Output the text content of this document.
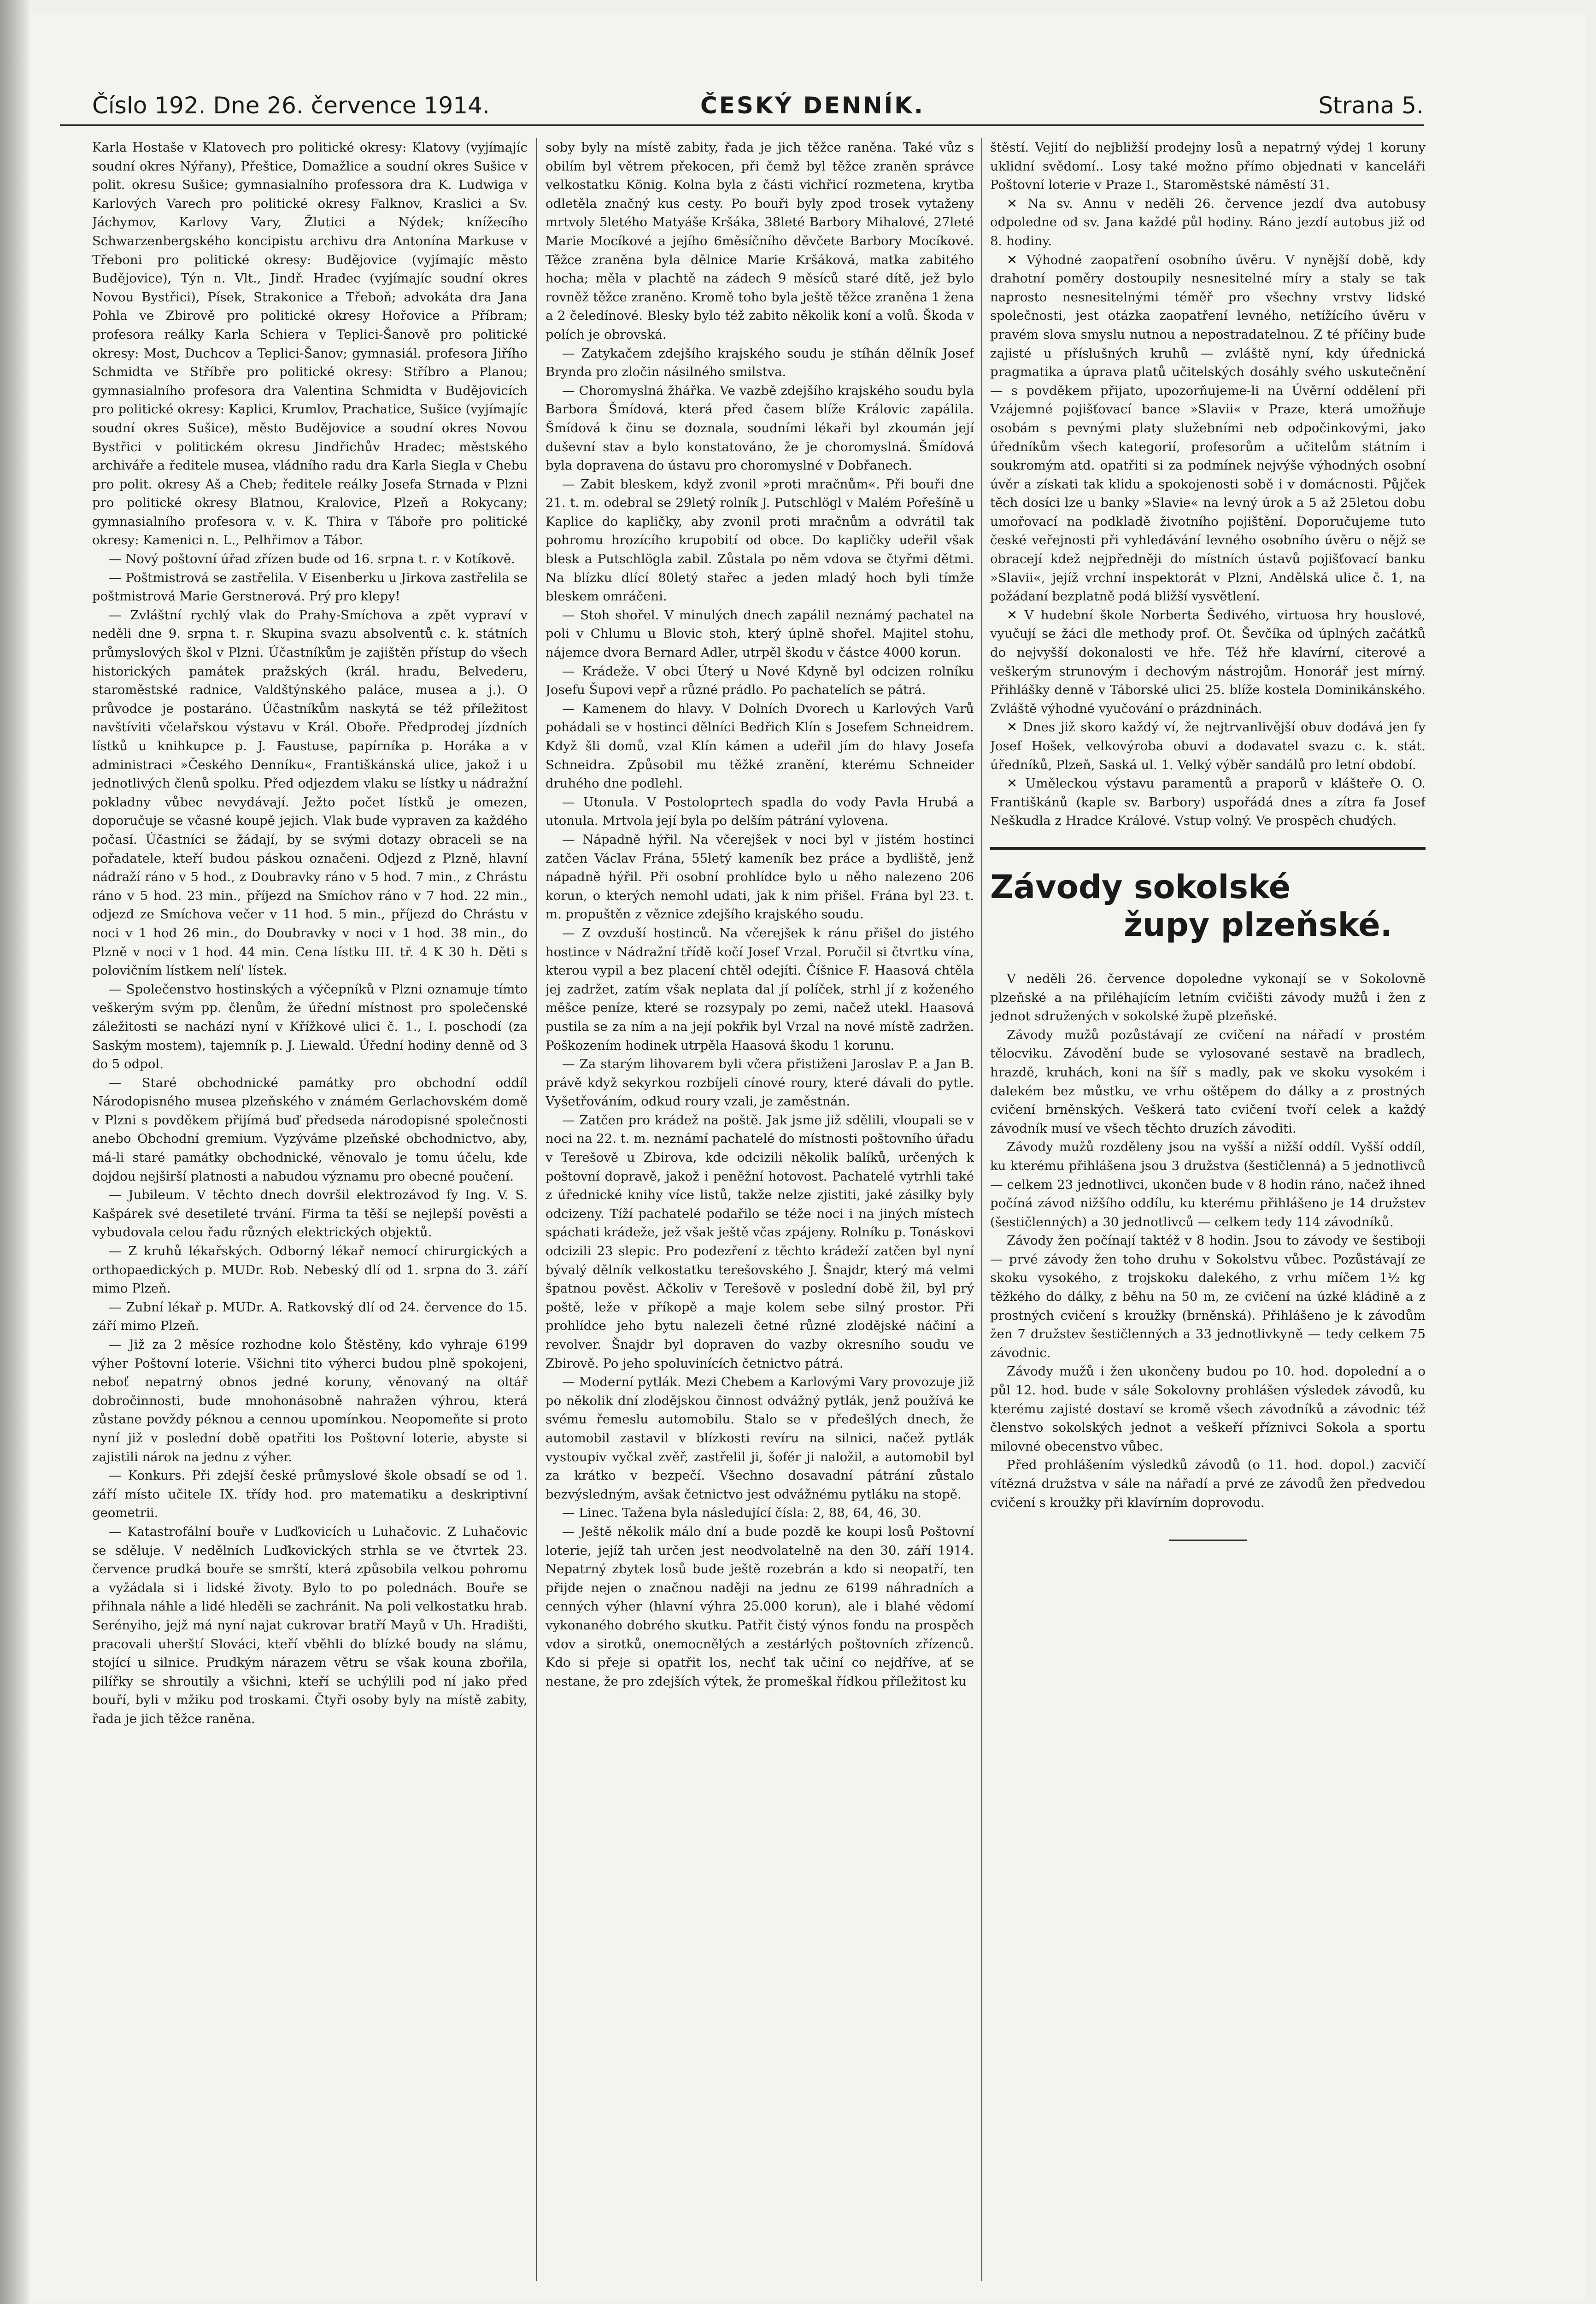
Číslo 192. Dne 26. července 1914.	ČESKÝ DENNÍK.	Strana 5.

Karla Hostaše v Klatovech pro politické okresy: Klatovy (vyjímajíc soudní okres Nýřany), Přeštice, Domažlice a soudní okres Sušice v polit. okresu Sušice; gymnasialního professora dra K. Ludwiga v Karlových Varech pro politické okresy Falknov, Kraslici a Sv. Jáchymov, Karlovy Vary, Žlutici a Nýdek; knížecího Schwarzenbergského koncipistu archivu dra Antonína Markuse v Třeboni pro politické okresy: Budějovice (vyjímajíc město Budějovice), Týn n. Vlt., Jindř. Hradec (vyjímajíc soudní okres Novou Bystřici), Písek, Strakonice a Třeboň; advokáta dra Jana Pohla ve Zbirově pro politické okresy Hořovice a Příbram; profesora reálky Karla Schiera v Teplici-Šanově pro politické okresy: Most, Duchcov a Teplici-Šanov; gymnasiál. profesora Jiřího Schmidta ve Stříbře pro politické okresy: Stříbro a Planou; gymnasialního profesora dra Valentina Schmidta v Budějovicích pro politické okresy: Kaplici, Krumlov, Prachatice, Sušice (vyjímajíc soudní okres Sušice), město Budějovice a soudní okres Novou Bystřici v politickém okresu Jindřichův Hradec; městského archiváře a ředitele musea, vládního radu dra Karla Siegla v Chebu pro polit. okresy Aš a Cheb; ředitele reálky Josefa Strnada v Plzni pro politické okresy Blatnou, Kralovice, Plzeň a Rokycany; gymnasialního profesora v. v. K. Thira v Táboře pro politické okresy: Kamenici n. L., Pelhřimov a Tábor.

— Nový poštovní úřad zřízen bude od 16. srpna t. r. v Kotíkově.

— Poštmistrová se zastřelila. V Eisenberku u Jirkova zastřelila se poštmistrová Marie Gerstnerová. Prý pro klepy!

— Zvláštní rychlý vlak do Prahy-Smíchova a zpět vypraví v neděli dne 9. srpna t. r. Skupina svazu absolventů c. k. státních průmyslových škol v Plzni. Účastníkům je zajištěn přístup do všech historických památek pražských (král. hradu, Belvederu, staroměstské radnice, Valdštýnského paláce, musea a j.). O průvodce je postaráno. Účastníkům naskytá se též příležitost navštíviti včelařskou výstavu v Král. Oboře. Předprodej jízdních lístků u knihkupce p. J. Faustuse, papírníka p. Horáka a v administraci »Českého Denníku«, Františkánská ulice, jakož i u jednotlivých členů spolku. Před odjezdem vlaku se lístky u nádražní pokladny vůbec nevydávají. Ježto počet lístků je omezen, doporučuje se včasné koupě jejich. Vlak bude vypraven za každého počasí. Účastníci se žádají, by se svými dotazy obraceli se na pořadatele, kteří budou páskou označeni. Odjezd z Plzně, hlavní nádraží ráno v 5 hod., z Doubravky ráno v 5 hod. 7 min., z Chrástu ráno v 5 hod. 23 min., příjezd na Smíchov ráno v 7 hod. 22 min., odjezd ze Smíchova večer v 11 hod. 5 min., příjezd do Chrástu v noci v 1 hod 26 min., do Doubravky v noci v 1 hod. 38 min., do Plzně v noci v 1 hod. 44 min. Cena lístku III. tř. 4 K 30 h. Děti s polovičním lístkem nelí' lístek.

— Společenstvo hostinských a výčepníků v Plzni oznamuje tímto veškerým svým pp. členům, že úřední místnost pro společenské záležitosti se nachází nyní v Křížkové ulici č. 1., I. poschodí (za Saským mostem), tajemník p. J. Liewald. Úřední hodiny denně od 3 do 5 odpol.

— Staré obchodnické památky pro obchodní oddíl Národopisného musea plzeňského v známém Gerlachovském domě v Plzni s povděkem přijímá buď předseda národopisné společnosti anebo Obchodní gremium. Vyzýváme plzeňské obchodnictvo, aby, má-li staré památky obchodnické, věnovalo je tomu účelu, kde dojdou nejširší platnosti a nabudou významu pro obecné poučení.

— Jubileum. V těchto dnech dovršil elektrozávod fy Ing. V. S. Kašpárek své desetileté trvání. Firma ta těší se nejlepší pověsti a vybudovala celou řadu různých elektrických objektů.

— Z kruhů lékařských. Odborný lékař nemocí chirurgických a orthopaedických p. MUDr. Rob. Nebeský dlí od 1. srpna do 3. září mimo Plzeň.

— Zubní lékař p. MUDr. A. Ratkovský dlí od 24. července do 15. září mimo Plzeň.

— Již za 2 měsíce rozhodne kolo Štěstěny, kdo vyhraje 6199 výher Poštovní loterie. Všichni tito výherci budou plně spokojeni, neboť nepatrný obnos jedné koruny, věnovaný na oltář dobročinnosti, bude mnohonásobně nahražen výhrou, která zůstane povždy péknou a cennou upomínkou. Neopomeňte si proto nyní již v poslední době opatřiti los Poštovní loterie, abyste si zajistili nárok na jednu z výher.

— Konkurs. Při zdejší české průmyslové škole obsadí se od 1. září místo učitele IX. třídy hod. pro matematiku a deskriptivní geometrii.

— Katastrofální bouře v Luďkovicích u Luhačovic. Z Luhačovic se sděluje. V nedělních Luďkovických strhla se ve čtvrtek 23. července prudká bouře se smrští, která způsobila velkou pohromu a vyžádala si i lidské životy. Bylo to po polednách. Bouře se přihnala náhle a lidé hleděli se zachránit. Na poli velkostatku hrab. Serényiho, jejž má nyní najat cukrovar bratří Mayů v Uh. Hradišti, pracovali uherští Slováci, kteří vběhli do blízké boudy na slámu, stojící u silnice. Prudkým nárazem větru se však kouna zbořila, pilířky se shroutily a všichni, kteří se uchýlili pod ní jako před bouří, byli v mžiku pod troskami. Čtyři osoby byly na místě zabity, řada je jich těžce raněna.

soby byly na místě zabity, řada je jich těžce raněna. Také vůz s obilím byl větrem překocen, při čemž byl těžce zraněn správce velkostatku König. Kolna byla z části vichřicí rozmetena, krytba odletěla značný kus cesty. Po bouři byly zpod trosek vytaženy mrtvoly 5letého Matyáše Kršáka, 38leté Barbory Mihalové, 27leté Marie Mocíkové a jejího 6měsíčního děvčete Barbory Mocíkové. Těžce zraněna byla dělnice Marie Kršáková, matka zabitého hocha; měla v plachtě na zádech 9 měsíců staré dítě, jež bylo rovněž těžce zraněno. Kromě toho byla ještě těžce zraněna 1 žena a 2 čeledínové. Blesky bylo též zabito několik koní a volů. Škoda v polích je obrovská.

— Zatykačem zdejšího krajského soudu je stíhán dělník Josef Brynda pro zločin násilného smilstva.

— Choromyslná žhářka. Ve vazbě zdejšího krajského soudu byla Barbora Šmídová, která před časem blíže Královic zapálila. Šmídová k činu se doznala, soudními lékaři byl zkoumán její duševní stav a bylo konstatováno, že je choromyslná. Šmídová byla dopravena do ústavu pro choromyslné v Dobřanech.

— Zabit bleskem, když zvonil »proti mračnům«. Při bouři dne 21. t. m. odebral se 29letý rolník J. Putschlögl v Malém Pořešíně u Kaplice do kapličky, aby zvonil proti mračnům a odvrátil tak pohromu hrozícího krupobití od obce. Do kapličky udeřil však blesk a Putschlögla zabil. Zůstala po něm vdova se čtyřmi dětmi. Na blízku dlící 80letý stařec a jeden mladý hoch byli tímže bleskem omráčeni.

— Stoh shořel. V minulých dnech zapálil neznámý pachatel na poli v Chlumu u Blovic stoh, který úplně shořel. Majitel stohu, nájemce dvora Bernard Adler, utrpěl škodu v částce 4000 korun.

— Krádeže. V obci Úterý u Nové Kdyně byl odcizen rolníku Josefu Šupovi vepř a různé prádlo. Po pachatelích se pátrá.

— Kamenem do hlavy. V Dolních Dvorech u Karlových Varů pohádali se v hostinci dělníci Bedřich Klín s Josefem Schneidrem. Když šli domů, vzal Klín kámen a udeřil jím do hlavy Josefa Schneidra. Způsobil mu těžké zranění, kterému Schneider druhého dne podlehl.

— Utonula. V Postoloprtech spadla do vody Pavla Hrubá a utonula. Mrtvola její byla po delším pátrání vylovena.

— Nápadně hýřil. Na včerejšek v noci byl v jistém hostinci zatčen Václav Frána, 55letý kameník bez práce a bydliště, jenž nápadně hýřil. Při osobní prohlídce bylo u něho nalezeno 206 korun, o kterých nemohl udati, jak k nim přišel. Frána byl 23. t. m. propuštěn z věznice zdejšího krajského soudu.

— Z ovzduší hostinců. Na včerejšek k ránu přišel do jistého hostince v Nádražní třídě kočí Josef Vrzal. Poručil si čtvrtku vína, kterou vypil a bez placení chtěl odejíti. Číšnice F. Haasová chtěla jej zadržet, zatím však neplata dal jí políček, strhl jí z koženého měšce peníze, které se rozsypaly po zemi, načež utekl. Haasová pustila se za ním a na její pokřik byl Vrzal na nové místě zadržen. Poškozením hodinek utrpěla Haasová škodu 1 korunu.

— Za starým lihovarem byli včera přistiženi Jaroslav P. a Jan B. právě když sekyrkou rozbíjeli cínové roury, které dávali do pytle. Vyšetřováním, odkud roury vzali, je zaměstnán.

— Zatčen pro krádež na poště. Jak jsme již sdělili, vloupali se v noci na 22. t. m. neznámí pachatelé do místnosti poštovního úřadu v Terešově u Zbirova, kde odcizili několik balíků, určených k poštovní dopravě, jakož i peněžní hotovost. Pachatelé vytrhli také z úřednické knihy více listů, takže nelze zjistiti, jaké zásilky byly odcizeny. Tíží pachatelé podařilo se téže noci i na jiných místech spáchati krádeže, jež však ještě včas zpájeny. Rolníku p. Tonáskovi odcizili 23 slepic. Pro podezření z těchto krádeží zatčen byl nyní bývalý dělník velkostatku terešovského J. Šnajdr, který má velmi špatnou pověst. Ačkoliv v Terešově v poslední době žil, byl prý poště, leže v příkopě a maje kolem sebe silný prostor. Při prohlídce jeho bytu nalezeli četné různé zlodějské náčiní a revolver. Šnajdr byl dopraven do vazby okresního soudu ve Zbirově. Po jeho spoluvinících četnictvo pátrá.

— Moderní pytlák. Mezi Chebem a Karlovými Vary provozuje již po několik dní zlodějskou činnost odvážný pytlák, jenž používá ke svému řemeslu automobilu. Stalo se v předešlých dnech, že automobil zastavil v blízkosti revíru na silnici, načež pytlák vystoupiv vyčkal zvěř, zastřelil ji, šofér ji naložil, a automobil byl za krátko v bezpečí. Všechno dosavadní pátrání zůstalo bezvýsledným, avšak četnictvo jest odvážnému pytláku na stopě.

— Linec. Tažena byla následující čísla: 2, 88, 64, 46, 30.

— Ještě několik málo dní a bude pozdě ke koupi losů Poštovní loterie, jejíž tah určen jest neodvolatelně na den 30. září 1914. Nepatrný zbytek losů bude ještě rozebrán a kdo si neopatří, ten přijde nejen o značnou naději na jednu ze 6199 náhradních a cenných výher (hlavní výhra 25.000 korun), ale i blahé vědomí vykonaného dobrého skutku. Patřit čistý výnos fondu na prospěch vdov a sirotků, onemocnělých a zestárlých poštovních zřízenců. Kdo si přeje si opatřit los, nechť tak učiní co nejdříve, ať se nestane, že pro zdejších výtek, že promeškal řídkou příležitost ku

štěstí. Vejití do nejbližší prodejny losů a nepatrný výdej 1 koruny uklidní svědomí.. Losy také možno přímo objednati v kanceláři Poštovní loterie v Praze I., Staroměstské náměstí 31.

✕ Na sv. Annu v neděli 26. července jezdí dva autobusy odpoledne od sv. Jana každé půl hodiny. Ráno jezdí autobus již od 8. hodiny.

✕ Výhodné zaopatření osobního úvěru. V nynější době, kdy drahotní poměry dostoupily nesnesitelné míry a staly se tak naprosto nesnesitelnými téměř pro všechny vrstvy lidské společnosti, jest otázka zaopatření levného, netížícího úvěru v pravém slova smyslu nutnou a nepostradatelnou. Z té příčiny bude zajisté u příslušných kruhů — zvláště nyní, kdy úřednická pragmatika a úprava platů učitelských dosáhly svého uskutečnění — s povděkem přijato, upozorňujeme-li na Úvěrní oddělení při Vzájemné pojišťovací bance »Slavii« v Praze, která umožňuje osobám s pevnými platy služebními neb odpočinkovými, jako úředníkům všech kategorií, profesorům a učitelům státním i soukromým atd. opatřiti si za podmínek nejvýše výhodných osobní úvěr a získati tak klidu a spokojenosti sobě i v domácnosti. Půjček těch dosíci lze u banky »Slavie« na levný úrok a 5 až 25letou dobu umořovací na podkladě životního pojištění. Doporučujeme tuto české veřejnosti při vyhledávání levného osobního úvěru o nějž se obracejí kdež nejpředněji do místních ústavů pojišťovací banku »Slavii«, jejíž vrchní inspektorát v Plzni, Andělská ulice č. 1, na požádaní bezplatně podá bližší vysvětlení.

✕ V hudební škole Norberta Šedivého, virtuosa hry houslové, vyučují se žáci dle methody prof. Ot. Ševčíka od úplných začátků do nejvyšší dokonalosti ve hře. Též hře klavírní, citerové a veškerým strunovým i dechovým nástrojům. Honorář jest mírný. Přihlášky denně v Táborské ulici 25. blíže kostela Dominikánského. Zvláště výhodné vyučování o prázdninách.

✕ Dnes již skoro každý ví, že nejtrvanlivější obuv dodává jen fy Josef Hošek, velkovýroba obuvi a dodavatel svazu c. k. stát. úředníků, Plzeň, Saská ul. 1. Velký výběr sandálů pro letní období.

✕ Uměleckou výstavu paramentů a praporů v klášteře O. O. Františkánů (kaple sv. Barbory) uspořádá dnes a zítra fa Josef Neškudla z Hradce Králové. Vstup volný. Ve prospěch chudých.

Závody sokolské
župy plzeňské.

V neděli 26. července dopoledne vykonají se v Sokolovně plzeňské a na přiléhajícím letním cvičišti závody mužů i žen z jednot sdružených v sokolské župě plzeňské.

Závody mužů pozůstávají ze cvičení na nářadí v prostém tělocviku. Závodění bude se vylosované sestavě na bradlech, hrazdě, kruhách, koni na šíř s madly, pak ve skoku vysokém i dalekém bez můstku, ve vrhu oštěpem do dálky a z prostných cvičení brněnských. Veškerá tato cvičení tvoří celek a každý závodník musí ve všech těchto druzích závoditi.

Závody mužů rozděleny jsou na vyšší a nižší oddíl. Vyšší oddíl, ku kterému přihlášena jsou 3 družstva (šestičlenná) a 5 jednotlivců — celkem 23 jednotlivci, ukončen bude v 8 hodin ráno, načež ihned počíná závod nižšího oddílu, ku kterému přihlášeno je 14 družstev (šestičlenných) a 30 jednotlivců — celkem tedy 114 závodníků.

Závody žen počínají taktéž v 8 hodin. Jsou to závody ve šestiboji — prvé závody žen toho druhu v Sokolstvu vůbec. Pozůstávají ze skoku vysokého, z trojskoku dalekého, z vrhu míčem 1½ kg těžkého do dálky, z běhu na 50 m, ze cvičení na úzké kládině a z prostných cvičení s kroužky (brněnská). Přihlášeno je k závodům žen 7 družstev šestičlenných a 33 jednotlivkyně — tedy celkem 75 závodnic.

Závody mužů i žen ukončeny budou po 10. hod. dopolední a o půl 12. hod. bude v sále Sokolovny prohlášen výsledek závodů, ku kterému zajisté dostaví se kromě všech závodníků a závodnic též členstvo sokolských jednot a veškeří příznivci Sokola a sportu milovné obecenstvo vůbec.

Před prohlášením výsledků závodů (o 11. hod. dopol.) zacvičí vítězná družstva v sále na nářadí a prvé ze závodů žen předvedou cvičení s kroužky při klavírním doprovodu.
